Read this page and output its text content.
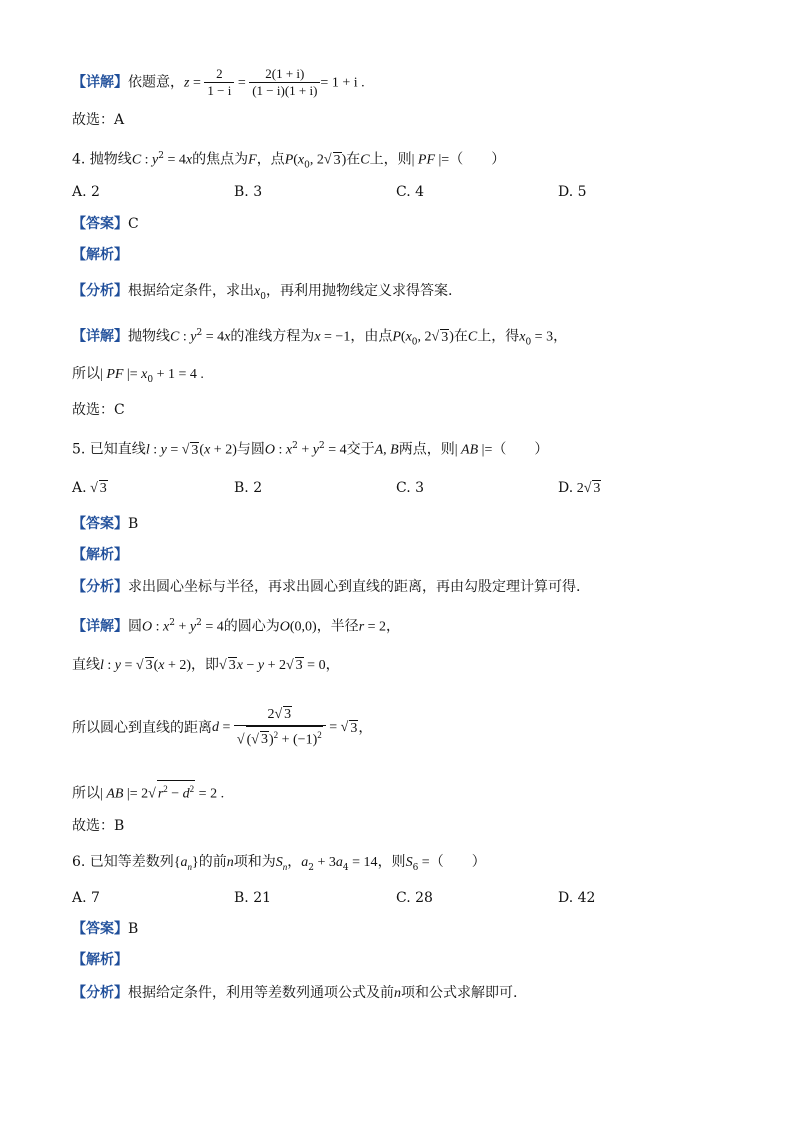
【详解】依题意，$z = \frac{2}{1 - i} = \frac{2(1 + i)}{(1 - i)(1 + i)} = 1 + i$ .
故选：A
4. 抛物线C : $y^2 = 4x$的焦点为F，点$P(x_0$, 2√ 3)在C上，则| PF |=（　　）
A. 2	B. 3	C. 4	D. 5
【答案】C
【解析】
【分析】根据给定条件，求出$x_0$，再利用抛物线定义求得答案.
【详解】抛物线C : $y^2 = 4x$的准线方程为x = −1，由点$P(x_0$, 2√ 3)在C上，得$x_0 = 3$，
所以| PF |= $x_0 + 1 = 4$ .
故选：C
5. 已知直线l : y = √ 3(x + 2)与圆O : $x^2 + y^2 = 4$交于A, B两点，则| AB |=（　　）
A. √ 3	B. 2	C. 3	D. 2√ 3
【答案】B
【解析】
【分析】求出圆心坐标与半径，再求出圆心到直线的距离，再由勾股定理计算可得.
【详解】圆O : $x^2 + y^2 = 4$的圆心为O(0,0)，半径r = 2，
直线l : y = √ 3(x + 2)，即√ 3x − y + 2√ 3 = 0，
所以圆心到直线的距离$d = \frac{2√ 3}{√ (√ 3)^2 + (-1)^2}$ = √ 3，
所以| AB |= 2√ $r^2 - d^2 = 2$ .
故选：B
6. 已知等差数列$\{a_n\}$的前n项和为$S_n$，$a_2 + 3a_4 = 14$，则$S_6$ =（　　）
A. 7	B. 21	C. 28	D. 42
【答案】B
【解析】
【分析】根据给定条件，利用等差数列通项公式及前n项和公式求解即可.
